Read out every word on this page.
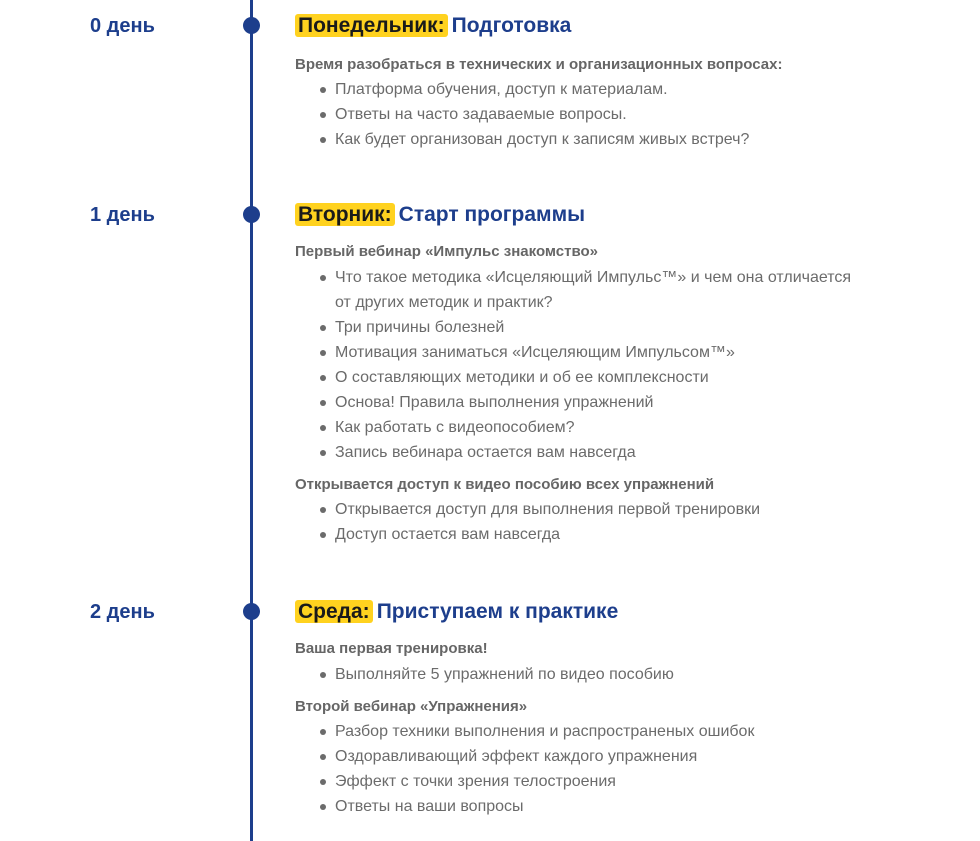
0 день	Понедельник: Подготовка

Время разобраться в технических и организационных вопросах:

Платформа обучения, доступ к материалам.
Ответы на часто задаваемые вопросы.
Как будет организован доступ к записям живых встреч?
1 день	Вторник: Старт программы

Первый вебинар «Импульс знакомство»

Что такое методика «Исцеляющий Импульс™» и чем она отличается от других методик и практик?
Три причины болезней
Мотивация заниматься «Исцеляющим Импульсом™»
О составляющих методики и об ее комплексности
Основа! Правила выполнения упражнений
Как работать с видеопособием?
Запись вебинара остается вам навсегда

Открывается доступ к видео пособию всех упражнений

Открывается доступ для выполнения первой тренировки
Доступ остается вам навсегда
2 день	Среда: Приступаем к практике

Ваша первая тренировка!

Выполняйте 5 упражнений по видео пособию

Второй вебинар «Упражнения»

Разбор техники выполнения и распространеных ошибок
Оздоравливающий эффект каждого упражнения
Эффект с точки зрения телостроения
Ответы на ваши вопросы
